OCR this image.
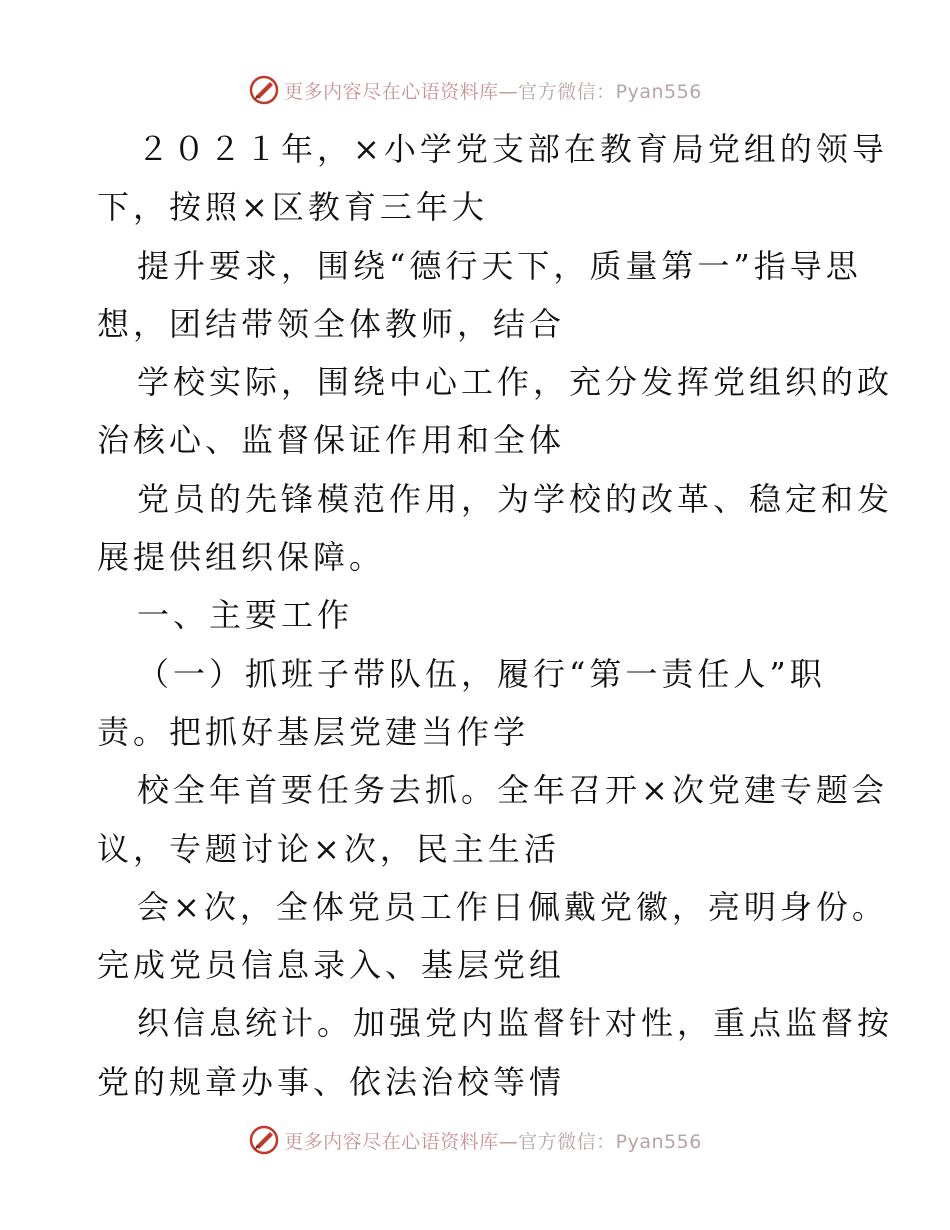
更多内容尽在心语资料库—官方微信：Pyan556
２０２１年，×小学党支部在教育局党组的领导
下，按照×区教育三年大
提升要求，围绕“德行天下，质量第一”指导思
想，团结带领全体教师，结合
学校实际，围绕中心工作，充分发挥党组织的政
治核心、监督保证作用和全体
党员的先锋模范作用，为学校的改革、稳定和发
展提供组织保障。
一、主要工作
（一）抓班子带队伍，履行“第一责任人”职
责。把抓好基层党建当作学
校全年首要任务去抓。全年召开×次党建专题会
议，专题讨论×次，民主生活
会×次，全体党员工作日佩戴党徽，亮明身份。
完成党员信息录入、基层党组
织信息统计。加强党内监督针对性，重点监督按
党的规章办事、依法治校等情
更多内容尽在心语资料库—官方微信：Pyan556
